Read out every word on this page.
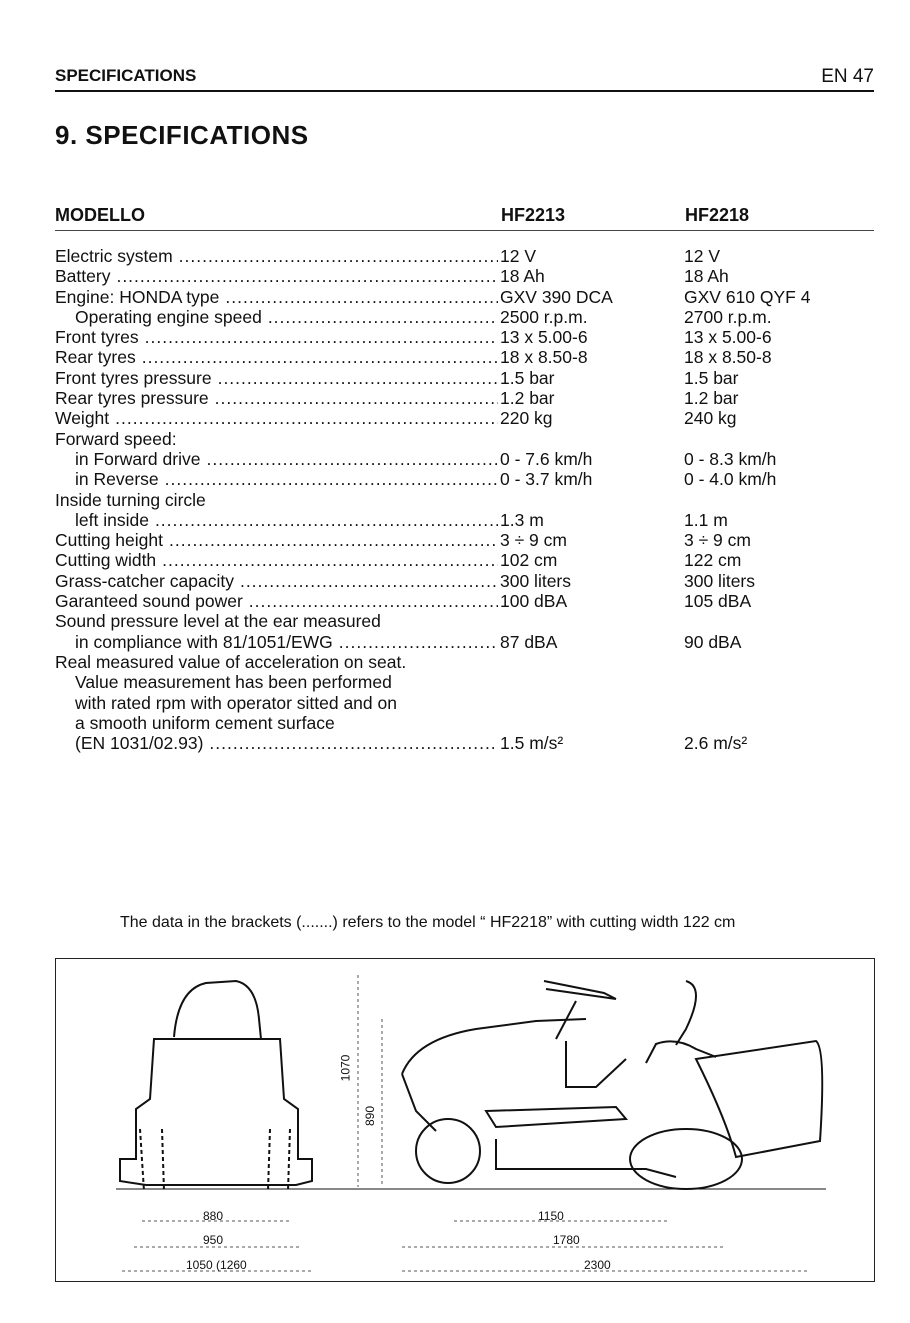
SPECIFICATIONS	EN 47
9. SPECIFICATIONS
MODELLO	HF2213	HF2218
Electric system .....	12 V	12 V
Battery .....	18 Ah	18 Ah
Engine: HONDA type .....	GXV 390 DCA	GXV 610 QYF 4
Operating engine speed .....	2500 r.p.m.	2700 r.p.m.
Front tyres .....	13 x 5.00-6	13 x 5.00-6
Rear tyres .....	18 x 8.50-8	18 x 8.50-8
Front tyres pressure .....	1.5 bar	1.5 bar
Rear tyres pressure .....	1.2 bar	1.2 bar
Weight .....	220 kg	240 kg
Forward speed:
in Forward drive .....	0 - 7.6 km/h	0 - 8.3 km/h
in Reverse .....	0 - 3.7 km/h	0 - 4.0 km/h
Inside turning circle
left inside .....	1.3 m	1.1 m
Cutting height .....	3 ÷ 9 cm	3 ÷ 9 cm
Cutting width .....	102 cm	122 cm
Grass-catcher capacity .....	300 liters	300 liters
Garanteed sound power .....	100 dBA	105 dBA
Sound pressure level at the ear measured
in compliance with 81/1051/EWG .....	87 dBA	90 dBA
Real measured value of acceleration on seat.
Value measurement has been performed
with rated rpm with operator sitted and on
a smooth uniform cement surface
(EN 1031/02.93) .....	1.5 m/s²	2.6 m/s²
The data in the brackets (.......) refers to the model “ HF2218” with cutting width 122 cm
1070
890
880
950
1050 (1260
1150
1780
2300
